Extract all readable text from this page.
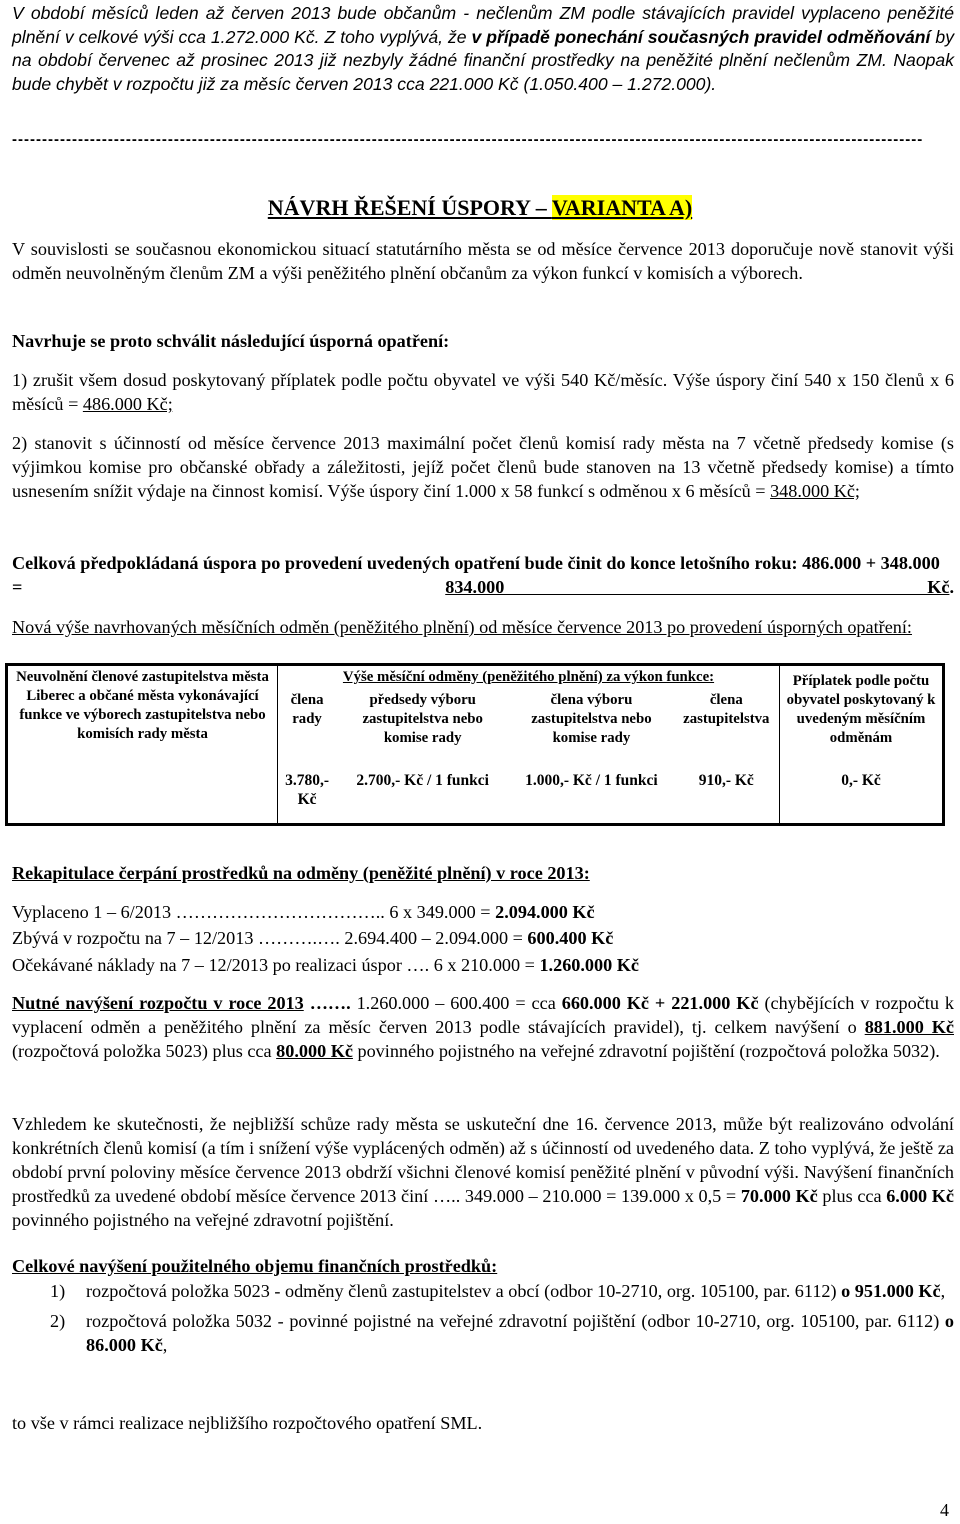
V období měsíců leden až červen 2013 bude občanům - nečlenům ZM podle stávajících pravidel vyplaceno peněžité plnění v celkové výši cca 1.272.000 Kč. Z toho vyplývá, že v případě ponechání současných pravidel odměňování by na období červenec až prosinec 2013 již nezbyly žádné finanční prostředky na peněžité plnění nečlenům ZM. Naopak bude chybět v rozpočtu již za měsíc červen 2013 cca 221.000 Kč (1.050.400 – 1.272.000).
--------------------------------------------------------------------------------------------------------------------------------------------------------
NÁVRH ŘEŠENÍ ÚSPORY – VARIANTA A)
V souvislosti se současnou ekonomickou situací statutárního města se od měsíce července 2013 doporučuje nově stanovit výši odměn neuvolněným členům ZM a výši peněžitého plnění občanům za výkon funkcí v komisích a výborech.
Navrhuje se proto schválit následující úsporná opatření:
1) zrušit všem dosud poskytovaný příplatek podle počtu obyvatel ve výši 540 Kč/měsíc. Výše úspory činí 540 x 150 členů x 6 měsíců = 486.000 Kč;
2) stanovit s účinností od měsíce července 2013 maximální počet členů komisí rady města na 7 včetně předsedy komise (s výjimkou komise pro občanské obřady a záležitosti, jejíž počet členů bude stanoven na 13 včetně předsedy komise) a tímto usnesením snížit výdaje na činnost komisí. Výše úspory činí 1.000 x 58 funkcí s odměnou x 6 měsíců = 348.000 Kč;
Celková předpokládaná úspora po provedení uvedených opatření bude činit do konce letošního roku: 486.000 + 348.000 = 834.000 Kč.
Nová výše navrhovaných měsíčních odměn (peněžitého plnění) od měsíce července 2013 po provedení úsporných opatření:
Neuvolnění členové zastupitelstva města Liberec a občané města vykonávající funkce ve výborech zastupitelstva nebo komisích rady města	Výše měsíční odměny (peněžitého plnění) za výkon funkce:				Příplatek podle počtu obyvatel poskytovaný k uvedeným měsíčním odměnám
	člena rady	předsedy výboru zastupitelstva nebo komise rady	člena výboru zastupitelstva nebo komise rady	člena zastupitelstva	
	3.780,- Kč	2.700,- Kč / 1 funkci	1.000,- Kč / 1 funkci	910,- Kč	0,- Kč
Rekapitulace čerpání prostředků na odměny (peněžité plnění) v roce 2013:
Vyplaceno 1 – 6/2013 …………………………….. 6 x 349.000 = 2.094.000 Kč
Zbývá v rozpočtu na 7 – 12/2013 ……….…. 2.694.400 – 2.094.000 = 600.400 Kč
Očekávané náklady na 7 – 12/2013 po realizaci úspor …. 6 x 210.000 = 1.260.000 Kč
Nutné navýšení rozpočtu v roce 2013 ……. 1.260.000 – 600.400 = cca 660.000 Kč + 221.000 Kč (chybějících v rozpočtu k vyplacení odměn a peněžitého plnění za měsíc červen 2013 podle stávajících pravidel), tj. celkem navýšení o 881.000 Kč (rozpočtová položka 5023) plus cca 80.000 Kč povinného pojistného na veřejné zdravotní pojištění (rozpočtová položka 5032).
Vzhledem ke skutečnosti, že nejbližší schůze rady města se uskuteční dne 16. července 2013, může být realizováno odvolání konkrétních členů komisí (a tím i snížení výše vyplácených odměn) až s účinností od uvedeného data. Z toho vyplývá, že ještě za období první poloviny měsíce července 2013 obdrží všichni členové komisí peněžité plnění v původní výši. Navýšení finančních prostředků za uvedené období měsíce července 2013 činí ….. 349.000 – 210.000 = 139.000 x 0,5 = 70.000 Kč plus cca 6.000 Kč povinného pojistného na veřejné zdravotní pojištění.
Celkové navýšení použitelného objemu finančních prostředků:
1)	rozpočtová položka 5023 - odměny členů zastupitelstev a obcí (odbor 10-2710, org. 105100, par. 6112) o 951.000 Kč,
2)	rozpočtová položka 5032 - povinné pojistné na veřejné zdravotní pojištění (odbor 10-2710, org. 105100, par. 6112) o 86.000 Kč,
to vše v rámci realizace nejbližšího rozpočtového opatření SML.
4
